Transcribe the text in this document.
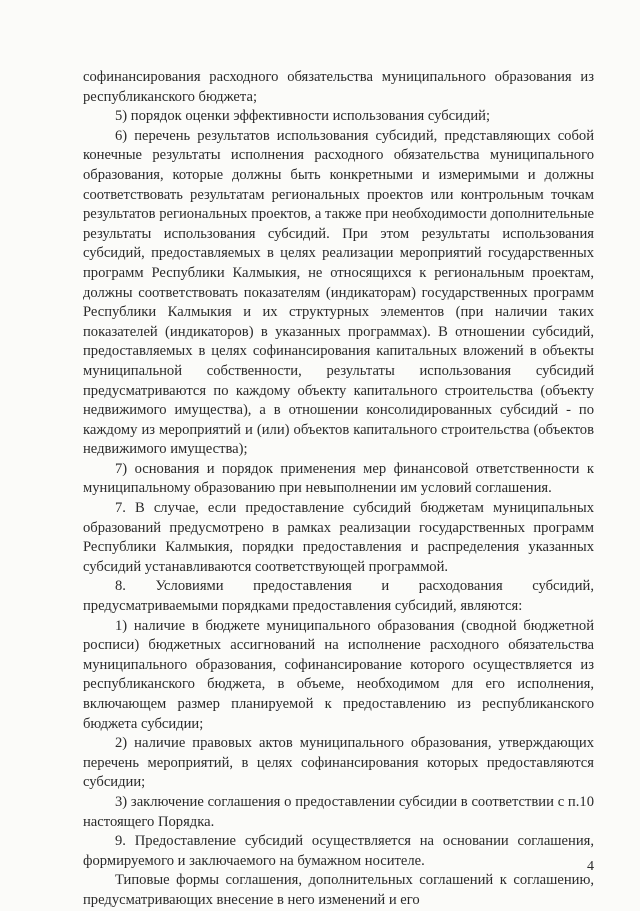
софинансирования расходного обязательства муниципального образования из республиканского бюджета;

5) порядок оценки эффективности использования субсидий;

6) перечень результатов использования субсидий, представляющих собой конечные результаты исполнения расходного обязательства муниципального образования, которые должны быть конкретными и измеримыми и должны соответствовать результатам региональных проектов или контрольным точкам результатов региональных проектов, а также при необходимости дополнительные результаты использования субсидий. При этом результаты использования субсидий, предоставляемых в целях реализации мероприятий государственных программ Республики Калмыкия, не относящихся к региональным проектам, должны соответствовать показателям (индикаторам) государственных программ Республики Калмыкия и их структурных элементов (при наличии таких показателей (индикаторов) в указанных программах). В отношении субсидий, предоставляемых в целях софинансирования капитальных вложений в объекты муниципальной собственности, результаты использования субсидий предусматриваются по каждому объекту капитального строительства (объекту недвижимого имущества), а в отношении консолидированных субсидий - по каждому из мероприятий и (или) объектов капитального строительства (объектов недвижимого имущества);

7) основания и порядок применения мер финансовой ответственности к муниципальному образованию при невыполнении им условий соглашения.

7. В случае, если предоставление субсидий бюджетам муниципальных образований предусмотрено в рамках реализации государственных программ Республики Калмыкия, порядки предоставления и распределения указанных субсидий устанавливаются соответствующей программой.

8. Условиями предоставления и расходования субсидий, предусматриваемыми порядками предоставления субсидий, являются:

1) наличие в бюджете муниципального образования (сводной бюджетной росписи) бюджетных ассигнований на исполнение расходного обязательства муниципального образования, софинансирование которого осуществляется из республиканского бюджета, в объеме, необходимом для его исполнения, включающем размер планируемой к предоставлению из республиканского бюджета субсидии;

2) наличие правовых актов муниципального образования, утверждающих перечень мероприятий, в целях софинансирования которых предоставляются субсидии;

3) заключение соглашения о предоставлении субсидии в соответствии с п.10 настоящего Порядка.

9. Предоставление субсидий осуществляется на основании соглашения, формируемого и заключаемого на бумажном носителе.

Типовые формы соглашения, дополнительных соглашений к соглашению, предусматривающих внесение в него изменений и его

4
